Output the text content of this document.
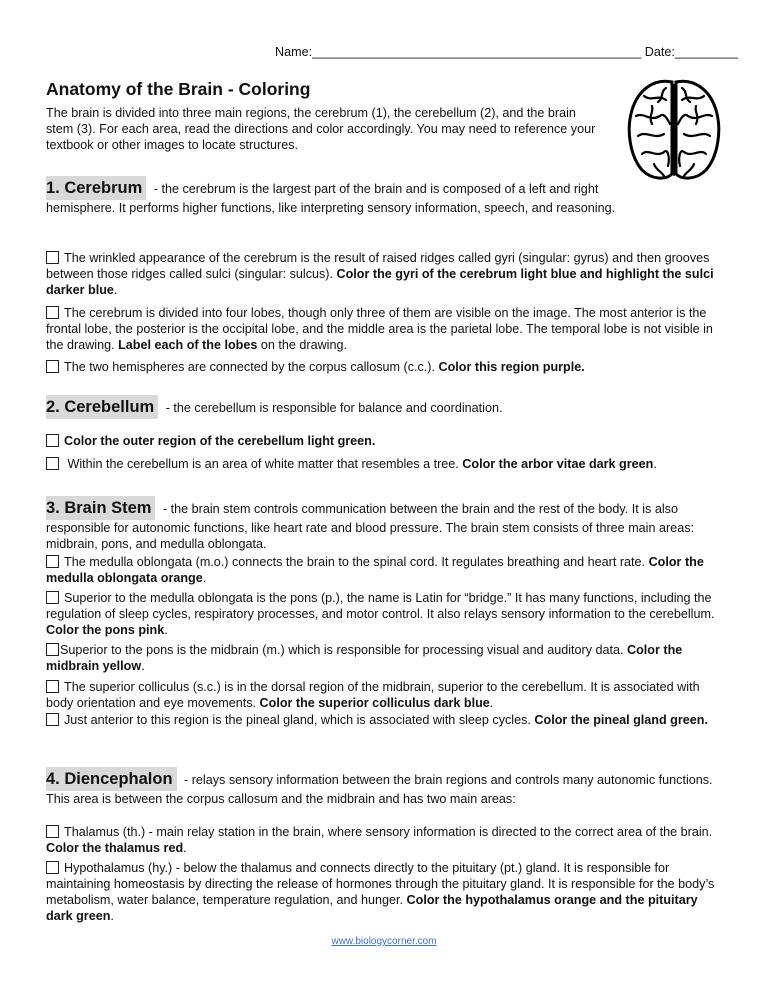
Name:_______________________________________________ Date:_________
Anatomy of the Brain - Coloring
The brain is divided into three main regions, the cerebrum (1), the cerebellum (2), and the brain stem (3). For each area, read the directions and color accordingly. You may need to reference your textbook or other images to locate structures.
1. Cerebrum - the cerebrum is the largest part of the brain and is composed of a left and right hemisphere. It performs higher functions, like interpreting sensory information, speech, and reasoning.
The wrinkled appearance of the cerebrum is the result of raised ridges called gyri (singular: gyrus) and then grooves between those ridges called sulci (singular: sulcus). Color the gyri of the cerebrum light blue and highlight the sulci darker blue.
The cerebrum is divided into four lobes, though only three of them are visible on the image. The most anterior is the frontal lobe, the posterior is the occipital lobe, and the middle area is the parietal lobe. The temporal lobe is not visible in the drawing. Label each of the lobes on the drawing.
The two hemispheres are connected by the corpus callosum (c.c.). Color this region purple.
2. Cerebellum - the cerebellum is responsible for balance and coordination.
Color the outer region of the cerebellum light green.
Within the cerebellum is an area of white matter that resembles a tree. Color the arbor vitae dark green.
3. Brain Stem - the brain stem controls communication between the brain and the rest of the body. It is also responsible for autonomic functions, like heart rate and blood pressure. The brain stem consists of three main areas: midbrain, pons, and medulla oblongata.
The medulla oblongata (m.o.) connects the brain to the spinal cord. It regulates breathing and heart rate. Color the medulla oblongata orange.
Superior to the medulla oblongata is the pons (p.), the name is Latin for “bridge.” It has many functions, including the regulation of sleep cycles, respiratory processes, and motor control. It also relays sensory information to the cerebellum. Color the pons pink.
Superior to the pons is the midbrain (m.) which is responsible for processing visual and auditory data. Color the midbrain yellow.
The superior colliculus (s.c.) is in the dorsal region of the midbrain, superior to the cerebellum. It is associated with body orientation and eye movements. Color the superior colliculus dark blue.
Just anterior to this region is the pineal gland, which is associated with sleep cycles. Color the pineal gland green.
4. Diencephalon - relays sensory information between the brain regions and controls many autonomic functions. This area is between the corpus callosum and the midbrain and has two main areas:
Thalamus (th.) - main relay station in the brain, where sensory information is directed to the correct area of the brain. Color the thalamus red.
Hypothalamus (hy.) - below the thalamus and connects directly to the pituitary (pt.) gland. It is responsible for maintaining homeostasis by directing the release of hormones through the pituitary gland. It is responsible for the body’s metabolism, water balance, temperature regulation, and hunger. Color the hypothalamus orange and the pituitary dark green.
www.biologycorner.com
